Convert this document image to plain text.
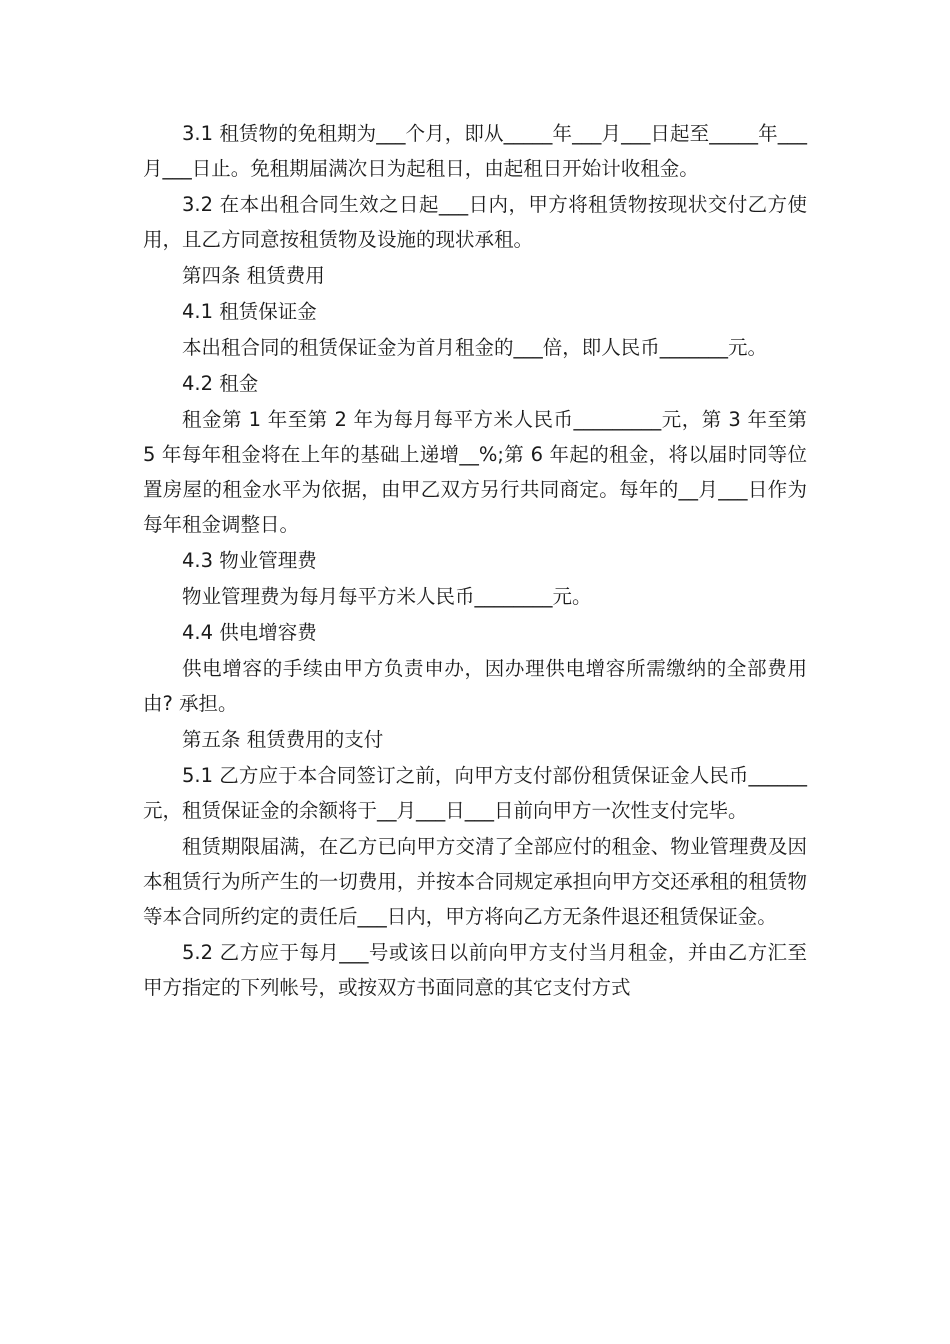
3.1 租赁物的免租期为___个月，即从_____年___月___日起至_____年___月___日止。免租期届满次日为起租日，由起租日开始计收租金。

3.2 在本出租合同生效之日起___日内，甲方将租赁物按现状交付乙方使用，且乙方同意按租赁物及设施的现状承租。

第四条 租赁费用

4.1 租赁保证金

本出租合同的租赁保证金为首月租金的___倍，即人民币_______元。

4.2 租金

租金第 1 年至第 2 年为每月每平方米人民币_________元，第 3 年至第 5 年每年租金将在上年的基础上递增__%;第 6 年起的租金，将以届时同等位置房屋的租金水平为依据，由甲乙双方另行共同商定。每年的__月___日作为每年租金调整日。

4.3 物业管理费

物业管理费为每月每平方米人民币________元。

4.4 供电增容费

供电增容的手续由甲方负责申办，因办理供电增容所需缴纳的全部费用由? 承担。

第五条 租赁费用的支付

5.1 乙方应于本合同签订之前，向甲方支付部份租赁保证金人民币______元，租赁保证金的余额将于__月___日___日前向甲方一次性支付完毕。

租赁期限届满，在乙方已向甲方交清了全部应付的租金、物业管理费及因本租赁行为所产生的一切费用，并按本合同规定承担向甲方交还承租的租赁物等本合同所约定的责任后___日内，甲方将向乙方无条件退还租赁保证金。

5.2 乙方应于每月___号或该日以前向甲方支付当月租金，并由乙方汇至甲方指定的下列帐号，或按双方书面同意的其它支付方式
